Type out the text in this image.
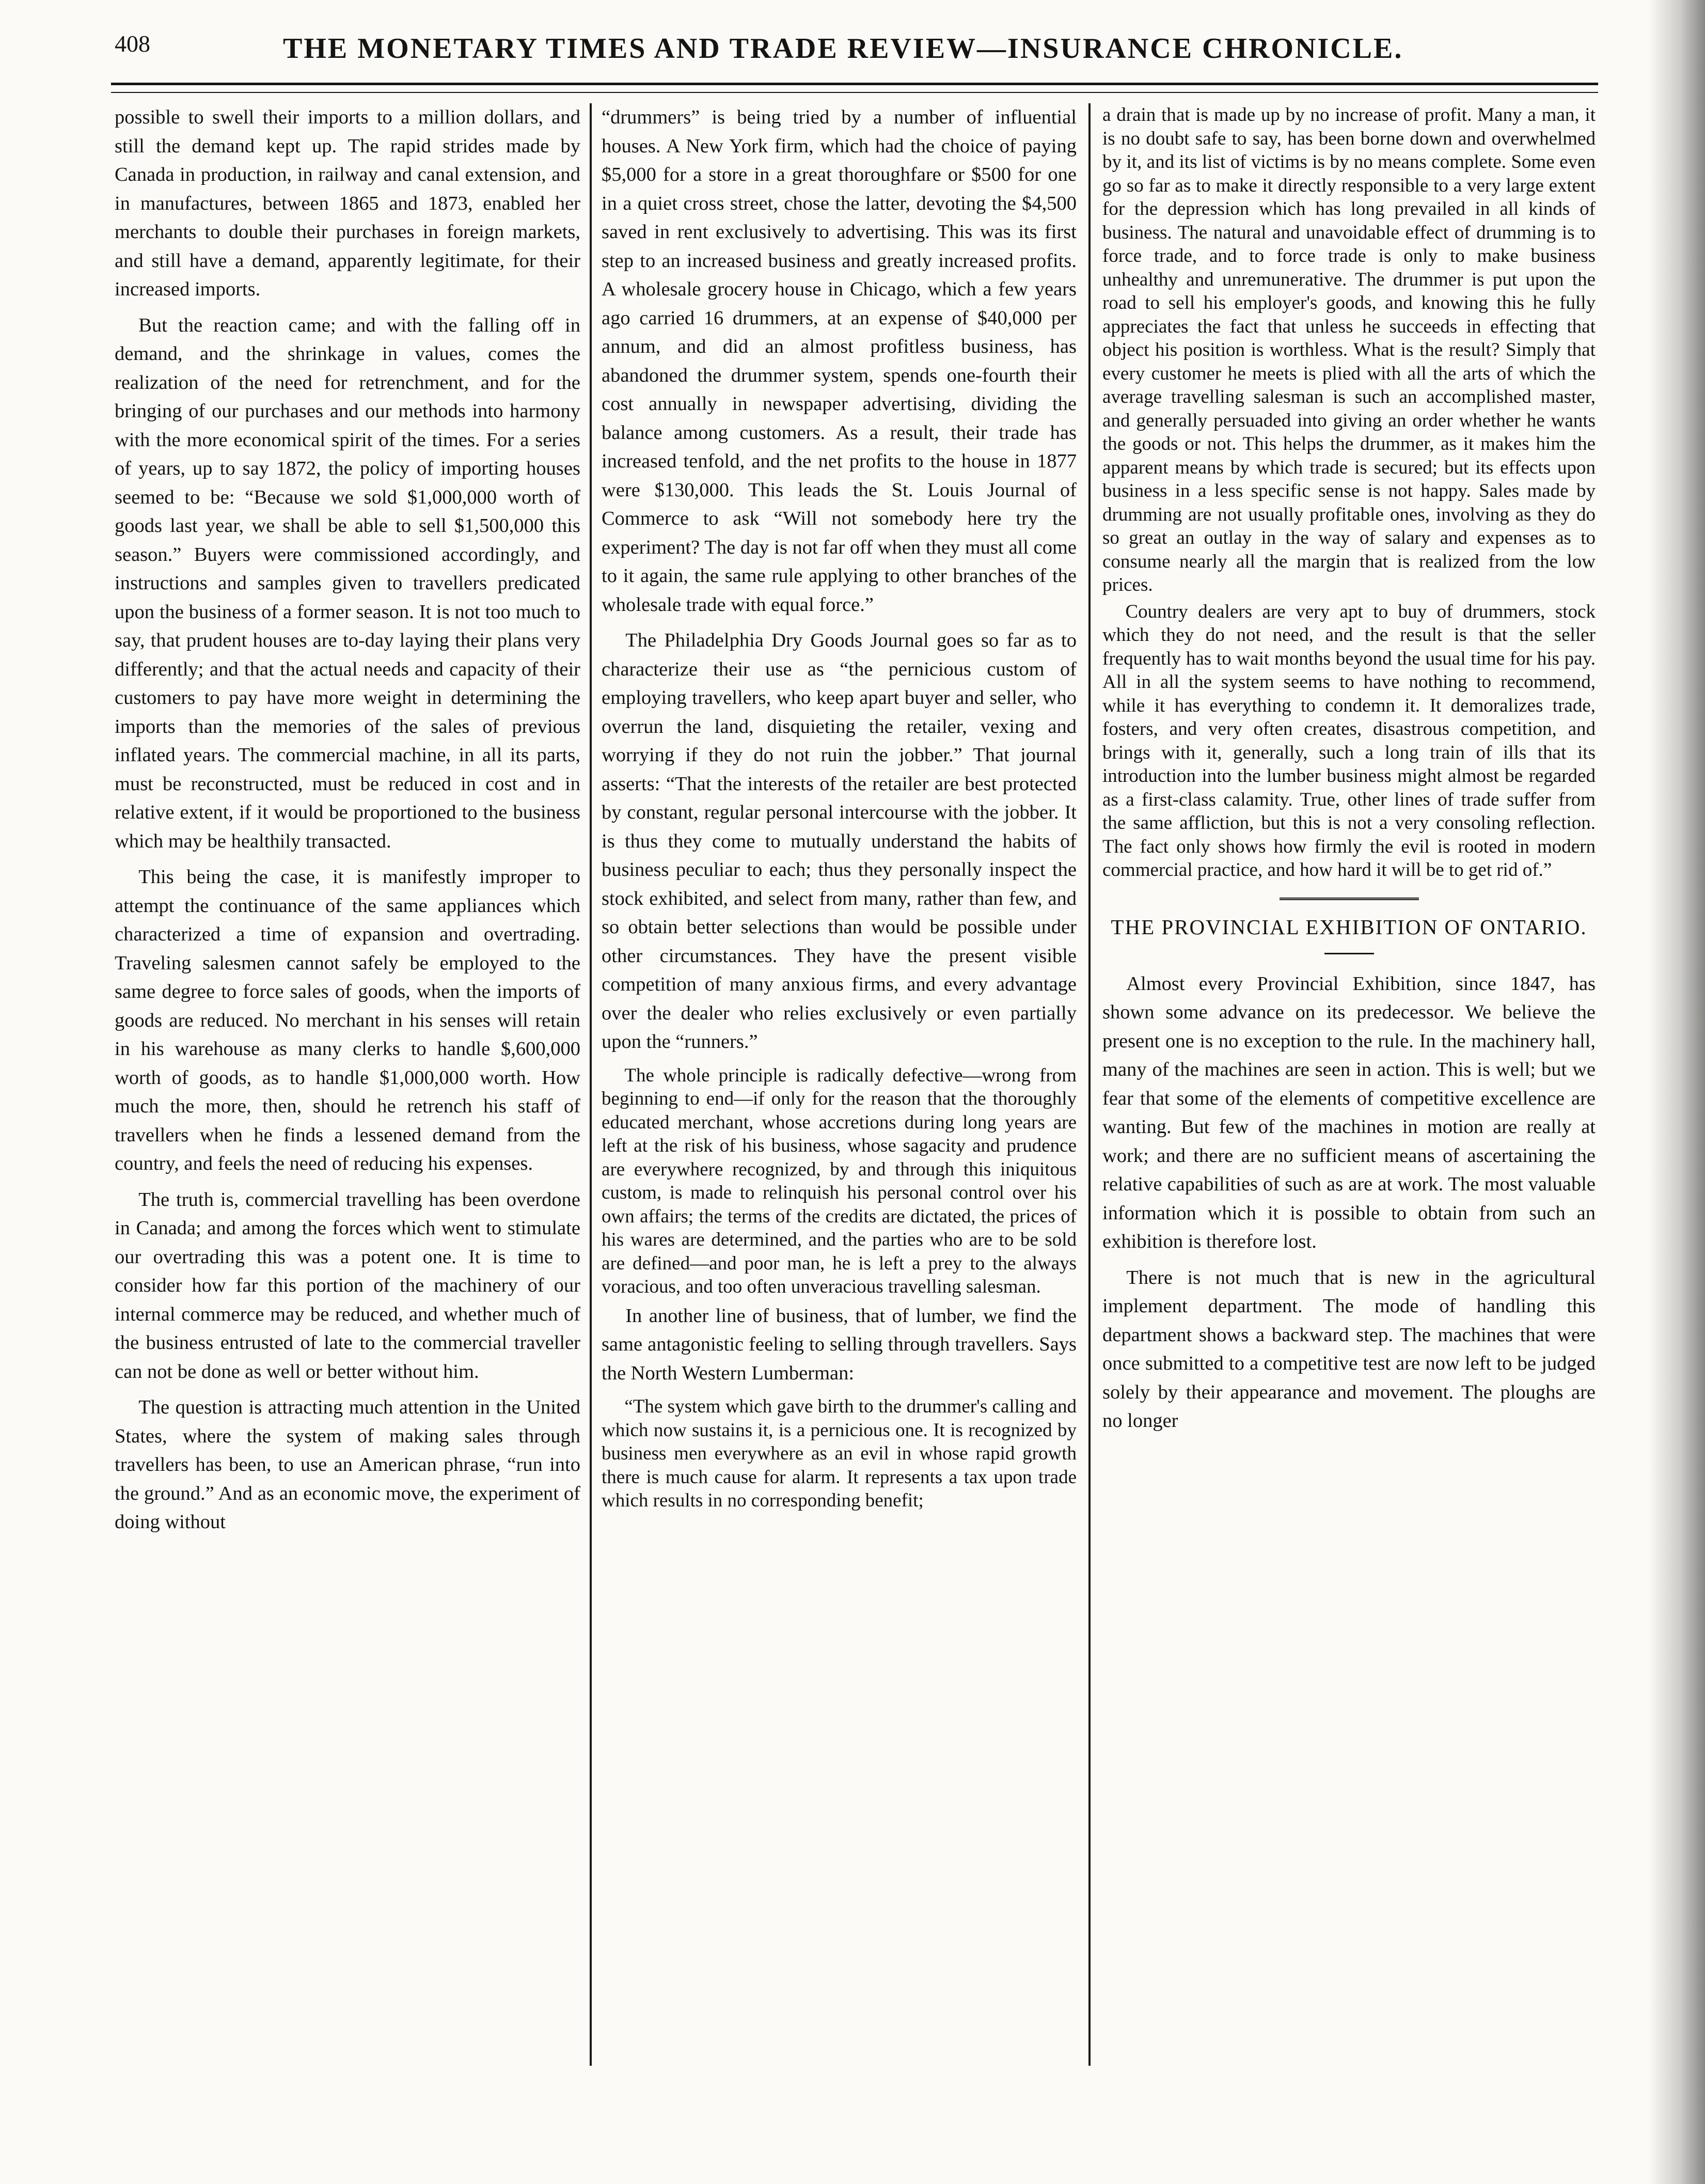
408	THE MONETARY TIMES AND TRADE REVIEW—INSURANCE CHRONICLE.

possible to swell their imports to a million dollars, and still the demand kept up. The rapid strides made by Canada in production, in railway and canal extension, and in manufactures, between 1865 and 1873, enabled her merchants to double their purchases in foreign markets, and still have a demand, apparently legitimate, for their increased imports.

But the reaction came; and with the falling off in demand, and the shrinkage in values, comes the realization of the need for retrenchment, and for the bringing of our purchases and our methods into harmony with the more economical spirit of the times. For a series of years, up to say 1872, the policy of importing houses seemed to be: “Because we sold $1,000,000 worth of goods last year, we shall be able to sell $1,500,000 this season.” Buyers were commissioned accordingly, and instructions and samples given to travellers predicated upon the business of a former season. It is not too much to say, that prudent houses are to-day laying their plans very differently; and that the actual needs and capacity of their customers to pay have more weight in determining the imports than the memories of the sales of previous inflated years. The commercial machine, in all its parts, must be reconstructed, must be reduced in cost and in relative extent, if it would be proportioned to the business which may be healthily transacted.

This being the case, it is manifestly improper to attempt the continuance of the same appliances which characterized a time of expansion and overtrading. Traveling salesmen cannot safely be employed to the same degree to force sales of goods, when the imports of goods are reduced. No merchant in his senses will retain in his warehouse as many clerks to handle $,600,000 worth of goods, as to handle $1,000,000 worth. How much the more, then, should he retrench his staff of travellers when he finds a lessened demand from the country, and feels the need of reducing his expenses.

The truth is, commercial travelling has been overdone in Canada; and among the forces which went to stimulate our overtrading this was a potent one. It is time to consider how far this portion of the machinery of our internal commerce may be reduced, and whether much of the business entrusted of late to the commercial traveller can not be done as well or better without him.

The question is attracting much attention in the United States, where the system of making sales through travellers has been, to use an American phrase, “run into the ground.” And as an economic move, the experiment of doing without

“drummers” is being tried by a number of influential houses. A New York firm, which had the choice of paying $5,000 for a store in a great thoroughfare or $500 for one in a quiet cross street, chose the latter, devoting the $4,500 saved in rent exclusively to advertising. This was its first step to an increased business and greatly increased profits. A wholesale grocery house in Chicago, which a few years ago carried 16 drummers, at an expense of $40,000 per annum, and did an almost profitless business, has abandoned the drummer system, spends one-fourth their cost annually in newspaper advertising, dividing the balance among customers. As a result, their trade has increased tenfold, and the net profits to the house in 1877 were $130,000. This leads the St. Louis Journal of Commerce to ask “Will not somebody here try the experiment? The day is not far off when they must all come to it again, the same rule applying to other branches of the wholesale trade with equal force.”

The Philadelphia Dry Goods Journal goes so far as to characterize their use as “the pernicious custom of employing travellers, who keep apart buyer and seller, who overrun the land, disquieting the retailer, vexing and worrying if they do not ruin the jobber.” That journal asserts: “That the interests of the retailer are best protected by constant, regular personal intercourse with the jobber. It is thus they come to mutually understand the habits of business peculiar to each; thus they personally inspect the stock exhibited, and select from many, rather than few, and so obtain better selections than would be possible under other circumstances. They have the present visible competition of many anxious firms, and every advantage over the dealer who relies exclusively or even partially upon the “runners.”

The whole principle is radically defective—wrong from beginning to end—if only for the reason that the thoroughly educated merchant, whose accretions during long years are left at the risk of his business, whose sagacity and prudence are everywhere recognized, by and through this iniquitous custom, is made to relinquish his personal control over his own affairs; the terms of the credits are dictated, the prices of his wares are determined, and the parties who are to be sold are defined—and poor man, he is left a prey to the always voracious, and too often unveracious travelling salesman.

In another line of business, that of lumber, we find the same antagonistic feeling to selling through travellers. Says the North Western Lumberman:

“The system which gave birth to the drummer's calling and which now sustains it, is a pernicious one. It is recognized by business men everywhere as an evil in whose rapid growth there is much cause for alarm. It represents a tax upon trade which results in no corresponding benefit;

a drain that is made up by no increase of profit. Many a man, it is no doubt safe to say, has been borne down and overwhelmed by it, and its list of victims is by no means complete. Some even go so far as to make it directly responsible to a very large extent for the depression which has long prevailed in all kinds of business. The natural and unavoidable effect of drumming is to force trade, and to force trade is only to make business unhealthy and unremunerative. The drummer is put upon the road to sell his employer's goods, and knowing this he fully appreciates the fact that unless he succeeds in effecting that object his position is worthless. What is the result? Simply that every customer he meets is plied with all the arts of which the average travelling salesman is such an accomplished master, and generally persuaded into giving an order whether he wants the goods or not. This helps the drummer, as it makes him the apparent means by which trade is secured; but its effects upon business in a less specific sense is not happy. Sales made by drumming are not usually profitable ones, involving as they do so great an outlay in the way of salary and expenses as to consume nearly all the margin that is realized from the low prices.

Country dealers are very apt to buy of drummers, stock which they do not need, and the result is that the seller frequently has to wait months beyond the usual time for his pay. All in all the system seems to have nothing to recommend, while it has everything to condemn it. It demoralizes trade, fosters, and very often creates, disastrous competition, and brings with it, generally, such a long train of ills that its introduction into the lumber business might almost be regarded as a first-class calamity. True, other lines of trade suffer from the same affliction, but this is not a very consoling reflection. The fact only shows how firmly the evil is rooted in modern commercial practice, and how hard it will be to get rid of.”

THE PROVINCIAL EXHIBITION OF ONTARIO.

Almost every Provincial Exhibition, since 1847, has shown some advance on its predecessor. We believe the present one is no exception to the rule. In the machinery hall, many of the machines are seen in action. This is well; but we fear that some of the elements of competitive excellence are wanting. But few of the machines in motion are really at work; and there are no sufficient means of ascertaining the relative capabilities of such as are at work. The most valuable information which it is possible to obtain from such an exhibition is therefore lost.

There is not much that is new in the agricultural implement department. The mode of handling this department shows a backward step. The machines that were once submitted to a competitive test are now left to be judged solely by their appearance and movement. The ploughs are no longer
